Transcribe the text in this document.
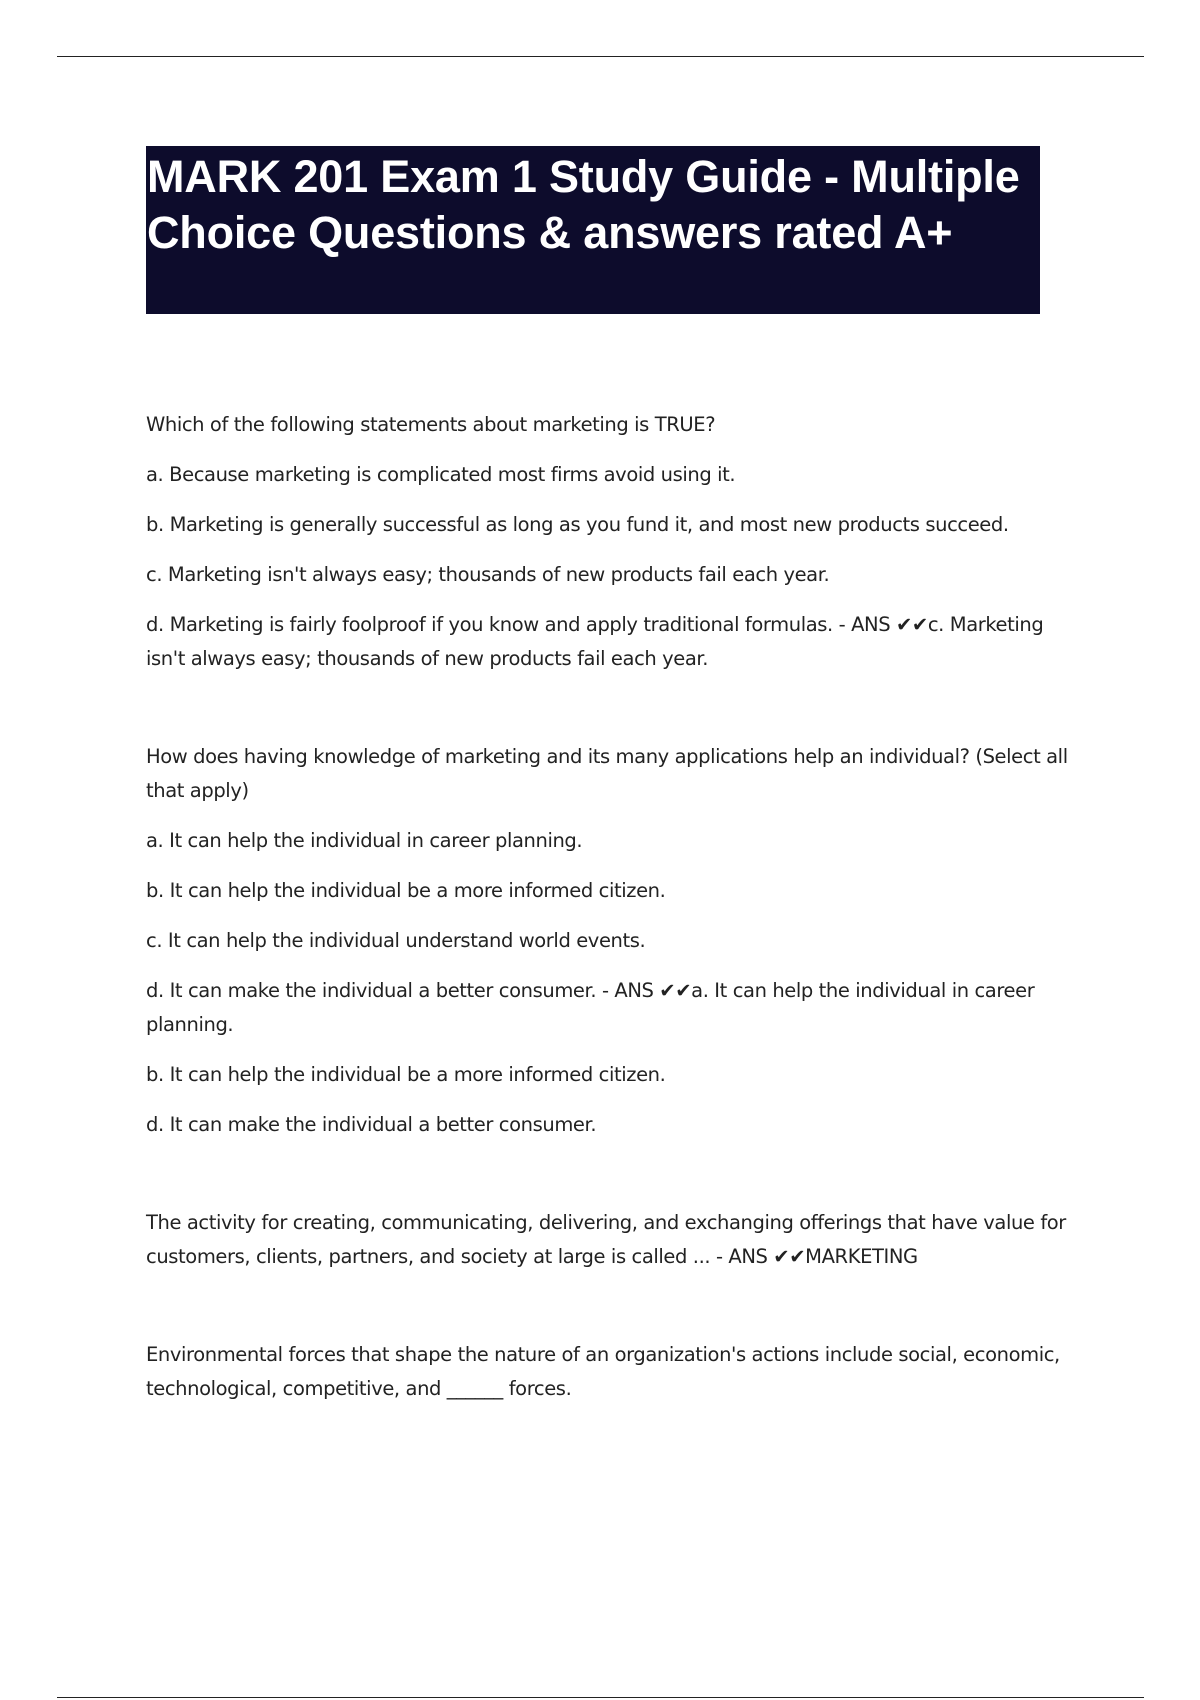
MARK 201 Exam 1 Study Guide - Multiple Choice Questions & answers rated A+

Which of the following statements about marketing is TRUE?

a. Because marketing is complicated most firms avoid using it.

b. Marketing is generally successful as long as you fund it, and most new products succeed.

c. Marketing isn't always easy; thousands of new products fail each year.

d. Marketing is fairly foolproof if you know and apply traditional formulas. - ANS ✔✔c. Marketing isn't always easy; thousands of new products fail each year.

How does having knowledge of marketing and its many applications help an individual? (Select all that apply)

a. It can help the individual in career planning.

b. It can help the individual be a more informed citizen.

c. It can help the individual understand world events.

d. It can make the individual a better consumer. - ANS ✔✔a. It can help the individual in career planning.

b. It can help the individual be a more informed citizen.

d. It can make the individual a better consumer.

The activity for creating, communicating, delivering, and exchanging offerings that have value for customers, clients, partners, and society at large is called ... - ANS ✔✔MARKETING

Environmental forces that shape the nature of an organization's actions include social, economic, technological, competitive, and ______ forces.
